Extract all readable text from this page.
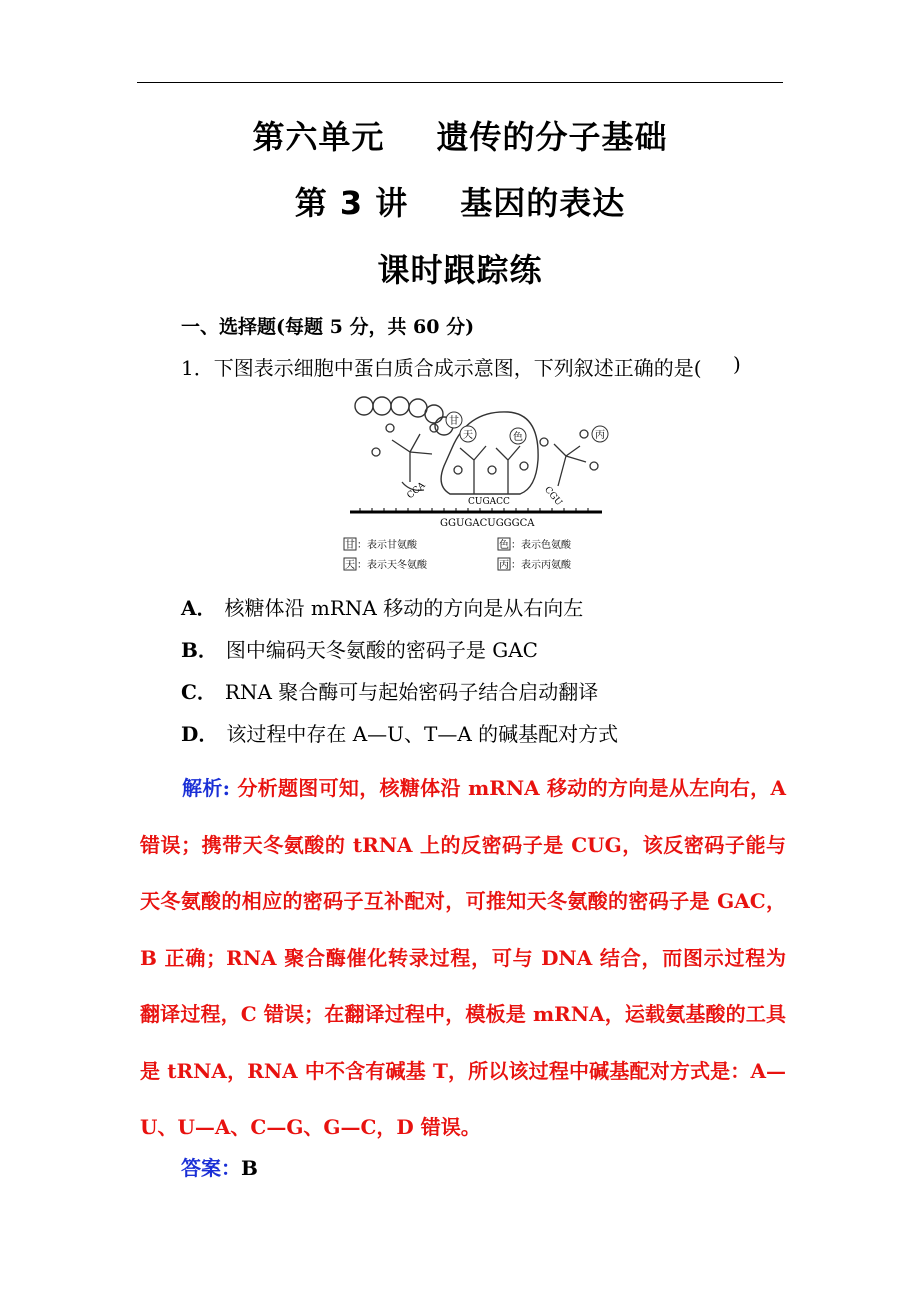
第六单元 遗传的分子基础
第 3 讲 基因的表达
课时跟踪练
一、选择题(每题 5 分，共 60 分)
1．下图表示细胞中蛋白质合成示意图，下列叙述正确的是( )
甘
天	色	丙
CCA
CUGACC	CGU
GGUGACUGGGCA
甘 ：表示甘氨酸	色 ：表示色氨酸
天 ：表示天冬氨酸	丙 ：表示丙氨酸
A． 核糖体沿 mRNA 移动的方向是从右向左
B． 图中编码天冬氨酸的密码子是 GAC
C． RNA 聚合酶可与起始密码子结合启动翻译
D． 该过程中存在 A—U、T—A 的碱基配对方式
解析: 分析题图可知，核糖体沿 mRNA 移动的方向是从左向右，A 错误；携带天冬氨酸的 tRNA 上的反密码子是 CUG，该反密码子能与天冬氨酸的相应的密码子互补配对，可推知天冬氨酸的密码子是 GAC，B 正确；RNA 聚合酶催化转录过程，可与 DNA 结合，而图示过程为翻译过程，C 错误；在翻译过程中，模板是 mRNA，运载氨基酸的工具是 tRNA，RNA 中不含有碱基 T，所以该过程中碱基配对方式是：A—U、U—A、C—G、G—C，D 错误。
答案：B
